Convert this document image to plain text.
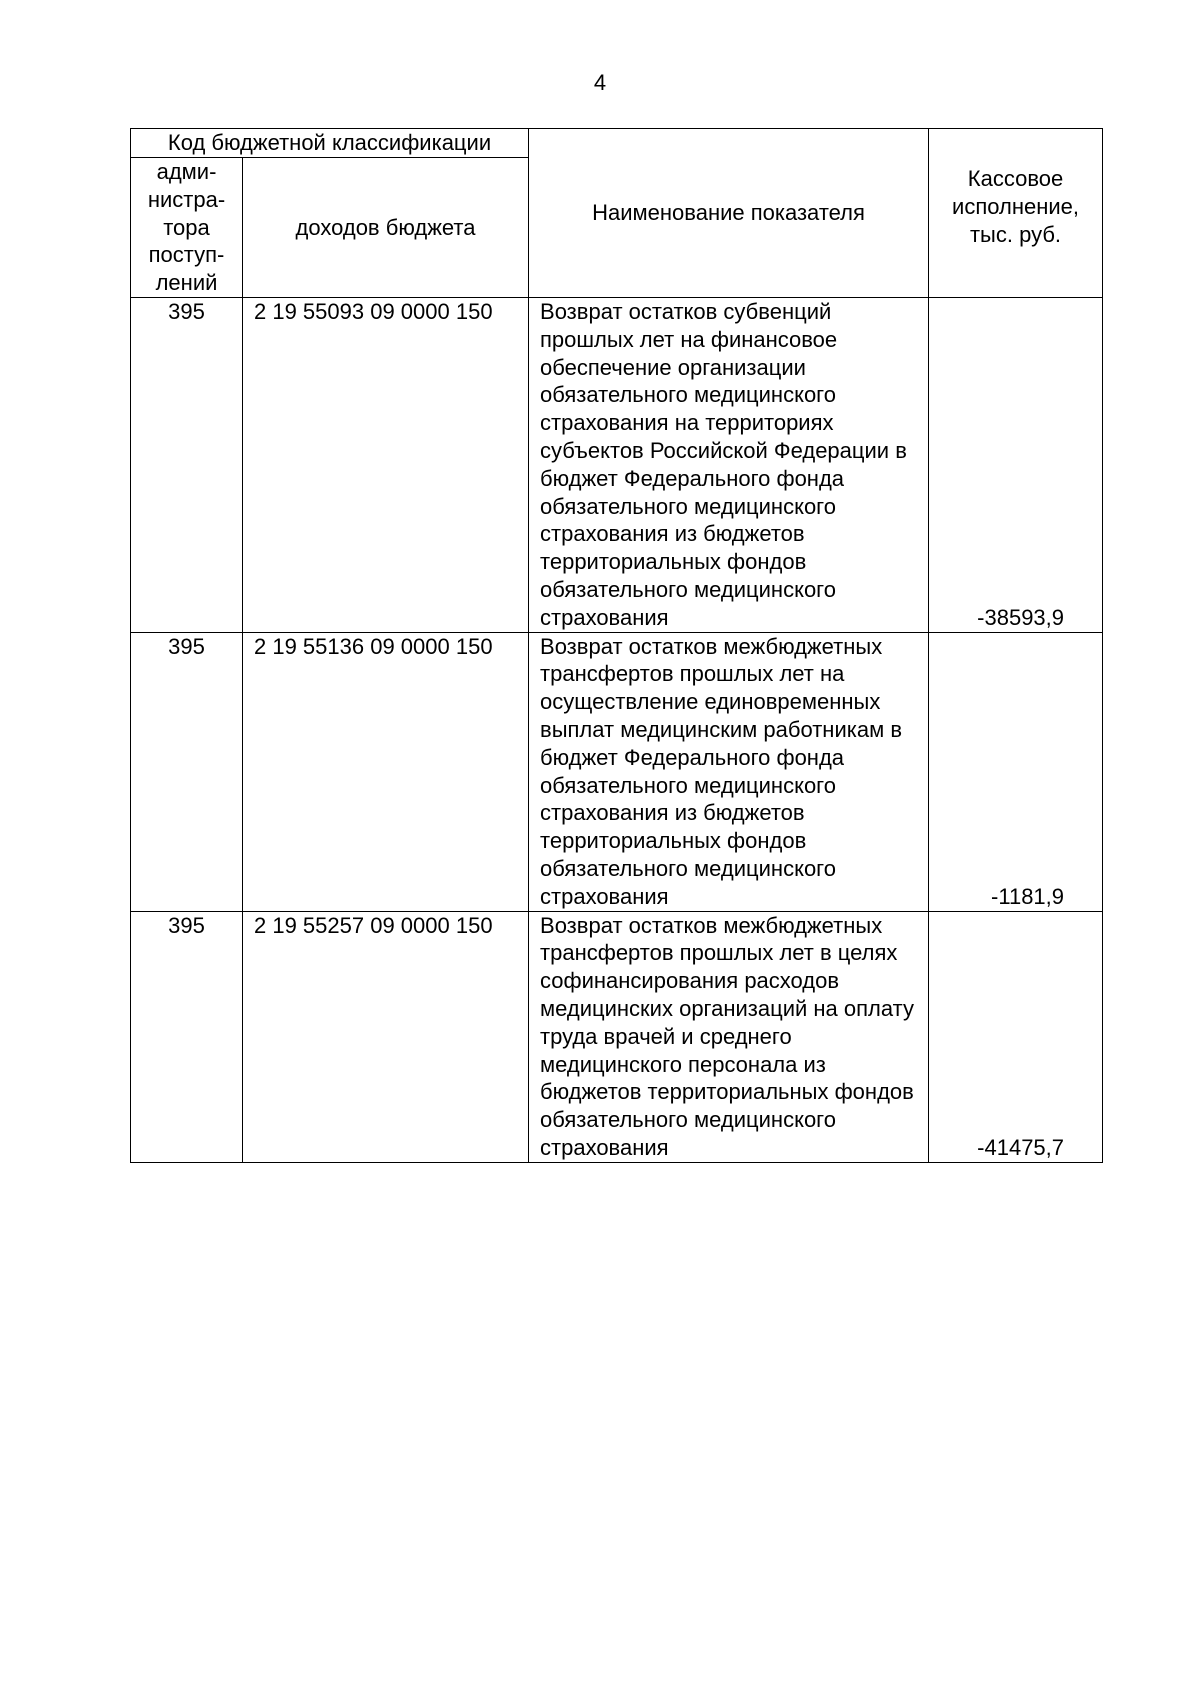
4
Код бюджетной классификации		Наименование показателя	Кассовое
исполнение,
тыс. руб.

адми-
нистра-
тора
поступ-
лений	доходов бюджета		
395	2 19 55093 09 0000 150	Возврат остатков субвенций прошлых лет на финансовое обеспечение организации обязательного медицинского страхования на территориях субъектов Российской Федерации в бюджет Федерального фонда обязательного медицинского страхования из бюджетов территориальных фондов обязательного медицинского страхования	-38593,9
395	2 19 55136 09 0000 150	Возврат остатков межбюджетных трансфертов прошлых лет на осуществление единовременных выплат медицинским работникам в бюджет Федерального фонда обязательного медицинского страхования из бюджетов территориальных фондов обязательного медицинского страхования	-1181,9
395	2 19 55257 09 0000 150	Возврат остатков межбюджетных трансфертов прошлых лет в целях софинансирования расходов медицинских организаций на оплату труда врачей и среднего медицинского персонала из бюджетов территориальных фондов обязательного медицинского страхования	-41475,7
